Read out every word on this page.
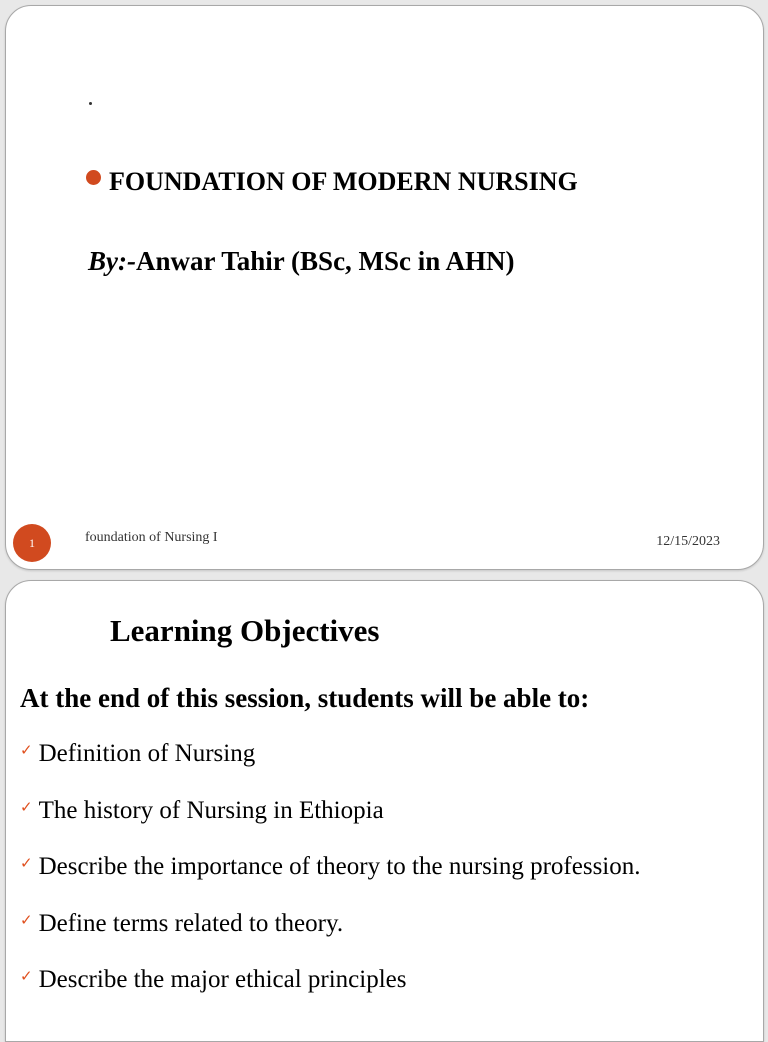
FOUNDATION OF MODERN NURSING
By:-Anwar Tahir (BSc, MSc in AHN)
1	foundation of Nursing I	12/15/2023
Learning Objectives
At the end of this session, students will be able to:
✓ Definition of Nursing
✓ The history of Nursing in Ethiopia
✓ Describe the importance of theory to the nursing profession.
✓ Define terms related to theory.
✓ Describe the major ethical principles
